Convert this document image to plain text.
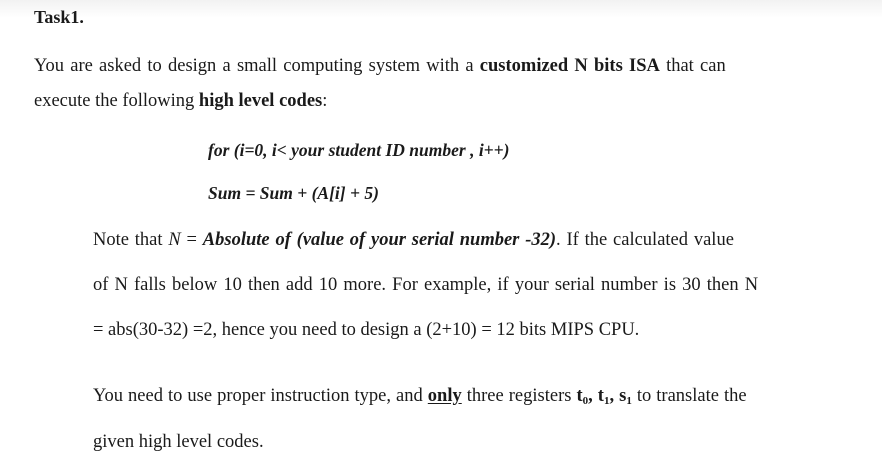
Task1.
You are asked to design a small computing system with a customized N bits ISA that can
execute the following high level codes:
for (i=0, i< your student ID number , i++)
Sum = Sum + (A[i] + 5)
Note that N = Absolute of (value of your serial number -32). If the calculated value
of N falls below 10 then add 10 more. For example, if your serial number is 30 then N
= abs(30-32) =2, hence you need to design a (2+10) = 12 bits MIPS CPU.
You need to use proper instruction type, and only three registers $t_0$, $t_1$, $s_1$ to translate the
given high level codes.
